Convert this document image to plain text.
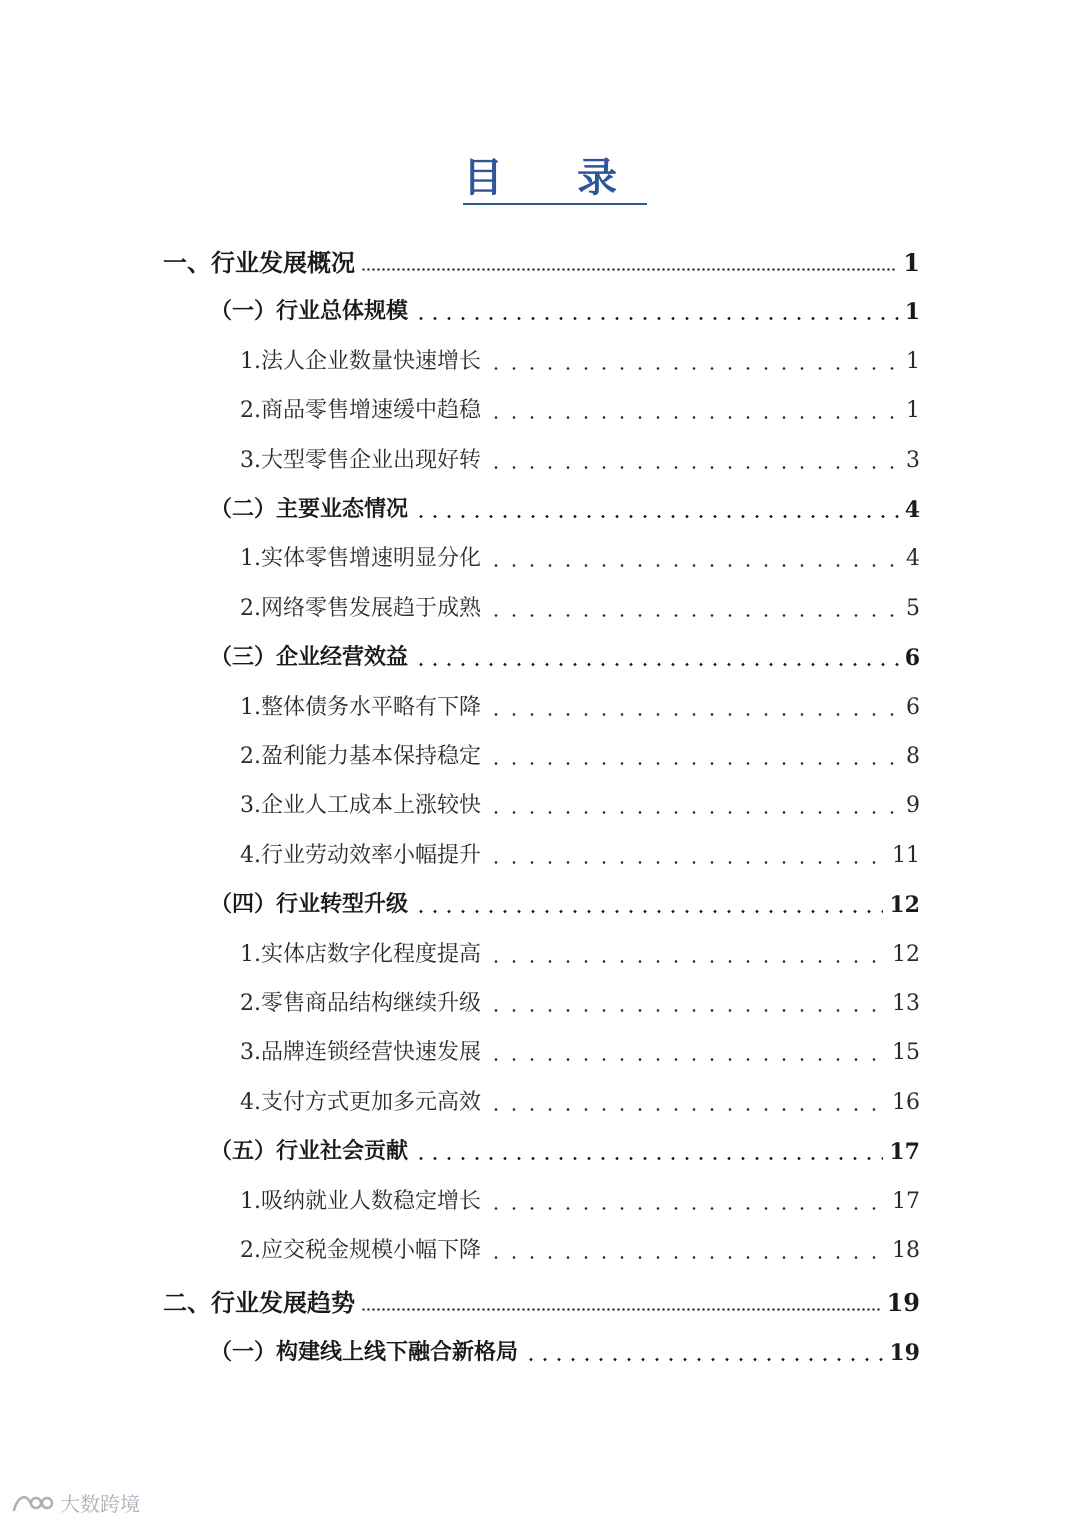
目 录
一、行业发展概况	1
（一）行业总体规模	1
1.法人企业数量快速增长	1
2.商品零售增速缓中趋稳	1
3.大型零售企业出现好转	3
（二）主要业态情况	4
1.实体零售增速明显分化	4
2.网络零售发展趋于成熟	5
（三）企业经营效益	6
1.整体债务水平略有下降	6
2.盈利能力基本保持稳定	8
3.企业人工成本上涨较快	9
4.行业劳动效率小幅提升	11
（四）行业转型升级	12
1.实体店数字化程度提高	12
2.零售商品结构继续升级	13
3.品牌连锁经营快速发展	15
4.支付方式更加多元高效	16
（五）行业社会贡献	17
1.吸纳就业人数稳定增长	17
2.应交税金规模小幅下降	18
二、行业发展趋势	19
（一）构建线上线下融合新格局	19
大数跨境
